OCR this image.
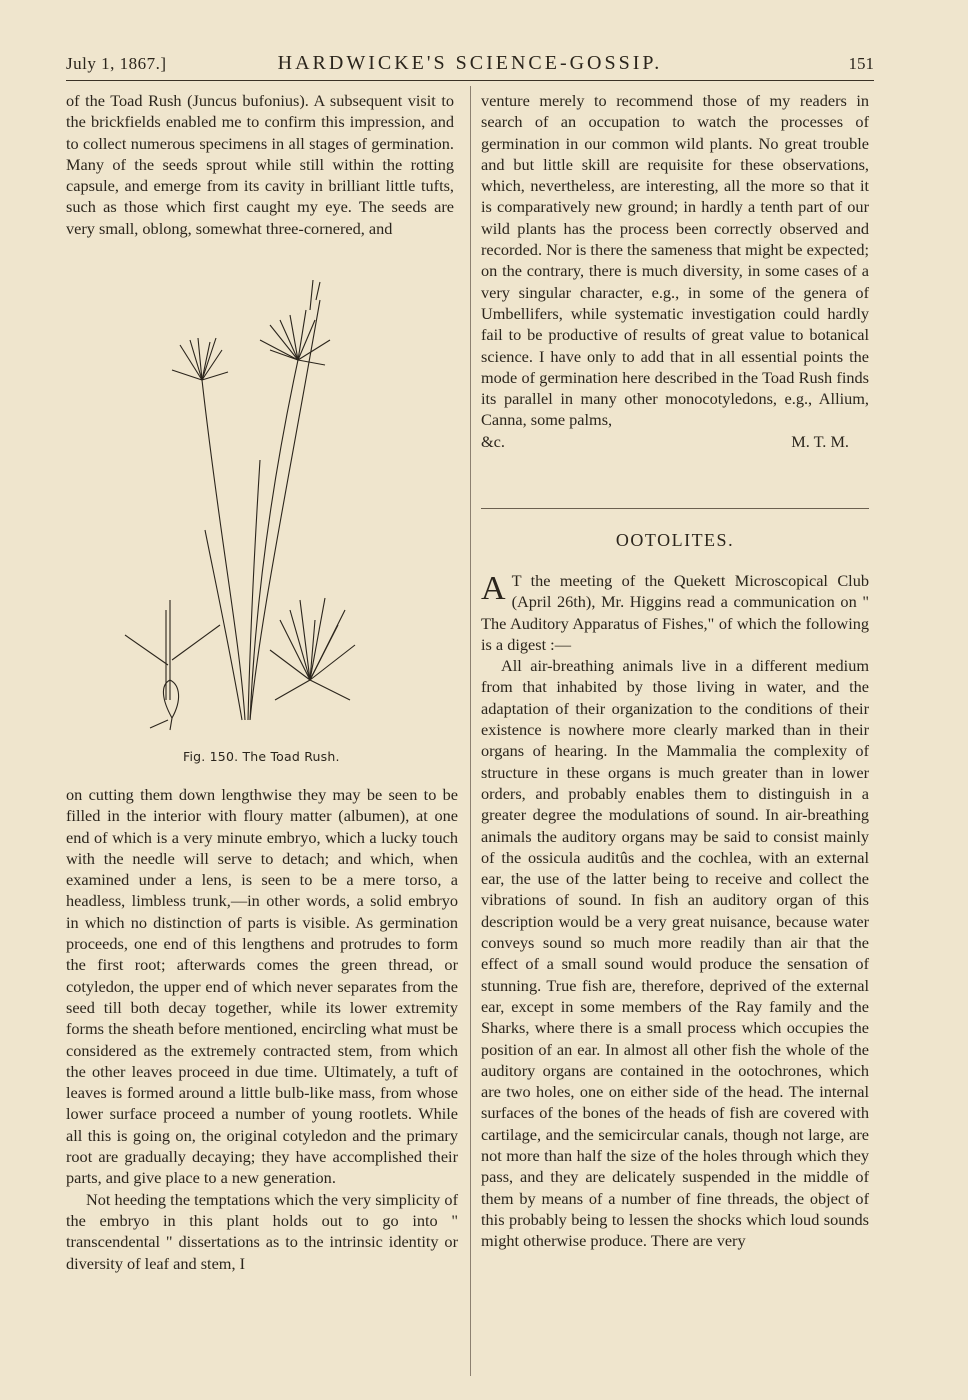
July 1, 1867.]	HARDWICKE'S SCIENCE-GOSSIP.	151

of the Toad Rush (Juncus bufonius). A subsequent visit to the brickfields enabled me to confirm this impression, and to collect numerous specimens in all stages of germination. Many of the seeds sprout while still within the rotting capsule, and emerge from its cavity in brilliant little tufts, such as those which first caught my eye. The seeds are very small, oblong, somewhat three-cornered, and

Fig. 150. The Toad Rush.

on cutting them down lengthwise they may be seen to be filled in the interior with floury matter (albumen), at one end of which is a very minute embryo, which a lucky touch with the needle will serve to detach; and which, when examined under a lens, is seen to be a mere torso, a headless, limbless trunk,—in other words, a solid embryo in which no distinction of parts is visible. As germination proceeds, one end of this lengthens and protrudes to form the first root; afterwards comes the green thread, or cotyledon, the upper end of which never separates from the seed till both decay together, while its lower extremity forms the sheath before mentioned, encircling what must be considered as the extremely contracted stem, from which the other leaves proceed in due time. Ultimately, a tuft of leaves is formed around a little bulb-like mass, from whose lower surface proceed a number of young rootlets. While all this is going on, the original cotyledon and the primary root are gradually decaying; they have accomplished their parts, and give place to a new generation.

Not heeding the temptations which the very simplicity of the embryo in this plant holds out to go into " transcendental " dissertations as to the intrinsic identity or diversity of leaf and stem, I

venture merely to recommend those of my readers in search of an occupation to watch the processes of germination in our common wild plants. No great trouble and but little skill are requisite for these observations, which, nevertheless, are interesting, all the more so that it is comparatively new ground; in hardly a tenth part of our wild plants has the process been correctly observed and recorded. Nor is there the sameness that might be expected; on the contrary, there is much diversity, in some cases of a very singular character, e.g., in some of the genera of Umbellifers, while systematic investigation could hardly fail to be productive of results of great value to botanical science. I have only to add that in all essential points the mode of germination here described in the Toad Rush finds its parallel in many other monocotyledons, e.g., Allium, Canna, some palms,

&c.	M. T. M.
OOTOLITES.

A T the meeting of the Quekett Microscopical Club (April 26th), Mr. Higgins read a communication on " The Auditory Apparatus of Fishes," of which the following is a digest :—

All air-breathing animals live in a different medium from that inhabited by those living in water, and the adaptation of their organization to the conditions of their existence is nowhere more clearly marked than in their organs of hearing. In the Mammalia the complexity of structure in these organs is much greater than in lower orders, and probably enables them to distinguish in a greater degree the modulations of sound. In air-breathing animals the auditory organs may be said to consist mainly of the ossicula auditûs and the cochlea, with an external ear, the use of the latter being to receive and collect the vibrations of sound. In fish an auditory organ of this description would be a very great nuisance, because water conveys sound so much more readily than air that the effect of a small sound would produce the sensation of stunning. True fish are, therefore, deprived of the external ear, except in some members of the Ray family and the Sharks, where there is a small process which occupies the position of an ear. In almost all other fish the whole of the auditory organs are contained in the ootochrones, which are two holes, one on either side of the head. The internal surfaces of the bones of the heads of fish are covered with cartilage, and the semicircular canals, though not large, are not more than half the size of the holes through which they pass, and they are delicately suspended in the middle of them by means of a number of fine threads, the object of this probably being to lessen the shocks which loud sounds might otherwise produce. There are very
